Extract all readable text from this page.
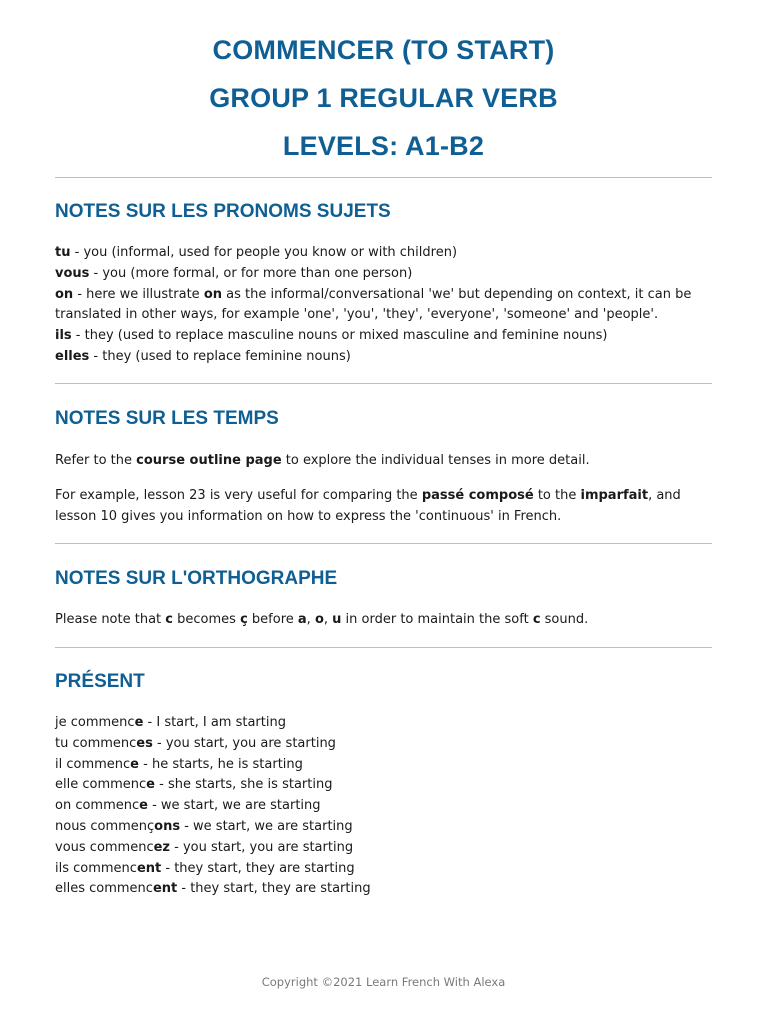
COMMENCER (TO START)
GROUP 1 REGULAR VERB
LEVELS: A1-B2
NOTES SUR LES PRONOMS SUJETS

tu - you (informal, used for people you know or with children)

vous - you (more formal, or for more than one person)

on - here we illustrate on as the informal/conversational 'we' but depending on context, it can be translated in other ways, for example 'one', 'you', 'they', 'everyone', 'someone' and 'people'.

ils - they (used to replace masculine nouns or mixed masculine and feminine nouns)

elles - they (used to replace feminine nouns)

NOTES SUR LES TEMPS

Refer to the course outline page to explore the individual tenses in more detail.

For example, lesson 23 is very useful for comparing the passé composé to the imparfait, and lesson 10 gives you information on how to express the 'continuous' in French.

NOTES SUR L'ORTHOGRAPHE

Please note that c becomes ç before a, o, u in order to maintain the soft c sound.

PRÉSENT

je commence - I start, I am starting

tu commences - you start, you are starting

il commence - he starts, he is starting

elle commence - she starts, she is starting

on commence - we start, we are starting

nous commençons - we start, we are starting

vous commencez - you start, you are starting

ils commencent - they start, they are starting

elles commencent - they start, they are starting

Copyright ©2021 Learn French With Alexa
